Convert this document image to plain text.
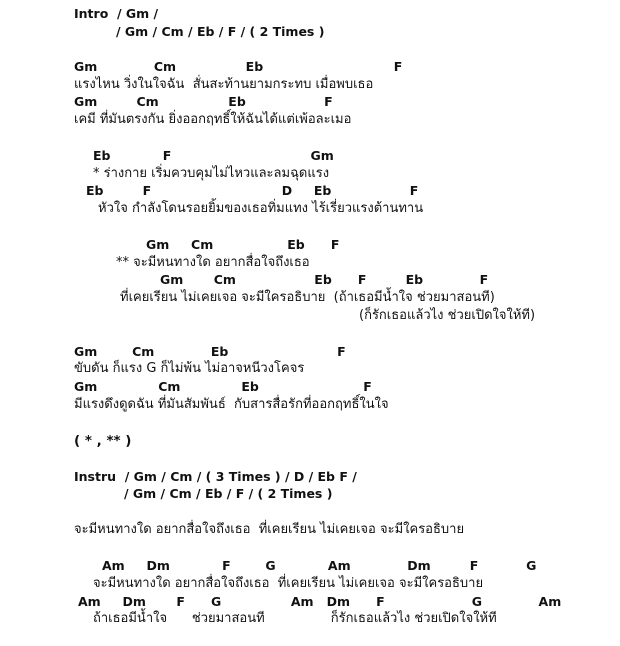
Intro  / Gm /
/ Gm / Cm / Eb / F / ( 2 Times )
Gm             Cm                Eb                              F
แรงไหน วิ่งในใจฉัน  สั่นสะท้านยามกระทบ เมื่อพบเธอ
Gm         Cm                Eb                  F
เคมี ที่มันตรงกัน ยิ่งออกฤทธิ์ให้ฉันได้แต่เพ้อละเมอ
Eb            F                                Gm
* ร่างกาย เริ่มควบคุมไม่ไหวและลมฉุดแรง
Eb         F                              D     Eb                  F
หัวใจ กำลังโดนรอยยิ้มของเธอทิ่มแทง ไร้เรี่ยวแรงต้านทาน
Gm     Cm                 Eb      F
** จะมีหนทางใด อยากสื่อใจถึงเธอ
Gm       Cm                  Eb      F         Eb             F
ที่เคยเรียน ไม่เคยเจอ จะมีใครอธิบาย  (ถ้าเธอมีน้ำใจ ช่วยมาสอนที)
(ก็รักเธอแล้วไง ช่วยเปิดใจให้ที)
Gm        Cm             Eb                         F
ขับดัน ก็แรง G ก็ไม่พ้น ไม่อาจหนีวงโคจร
Gm              Cm              Eb                        F
มีแรงดึงดูดฉัน ที่มันสัมพันธ์  กับสารสื่อรักที่ออกฤทธิ์ในใจ
( * , ** )
Instru  / Gm / Cm / ( 3 Times ) / D / Eb F /
/ Gm / Cm / Eb / F / ( 2 Times )
จะมีหนทางใด อยากสื่อใจถึงเธอ  ที่เคยเรียน ไม่เคยเจอ จะมีใครอธิบาย
Am     Dm            F        G            Am             Dm         F           G
จะมีหนทางใด อยากสื่อใจถึงเธอ  ที่เคยเรียน ไม่เคยเจอ จะมีใครอธิบาย
Am     Dm       F      G                Am   Dm      F                    G             Am
ถ้าเธอมีน้ำใจ      ช่วยมาสอนที                ก็รักเธอแล้วไง ช่วยเปิดใจให้ที
